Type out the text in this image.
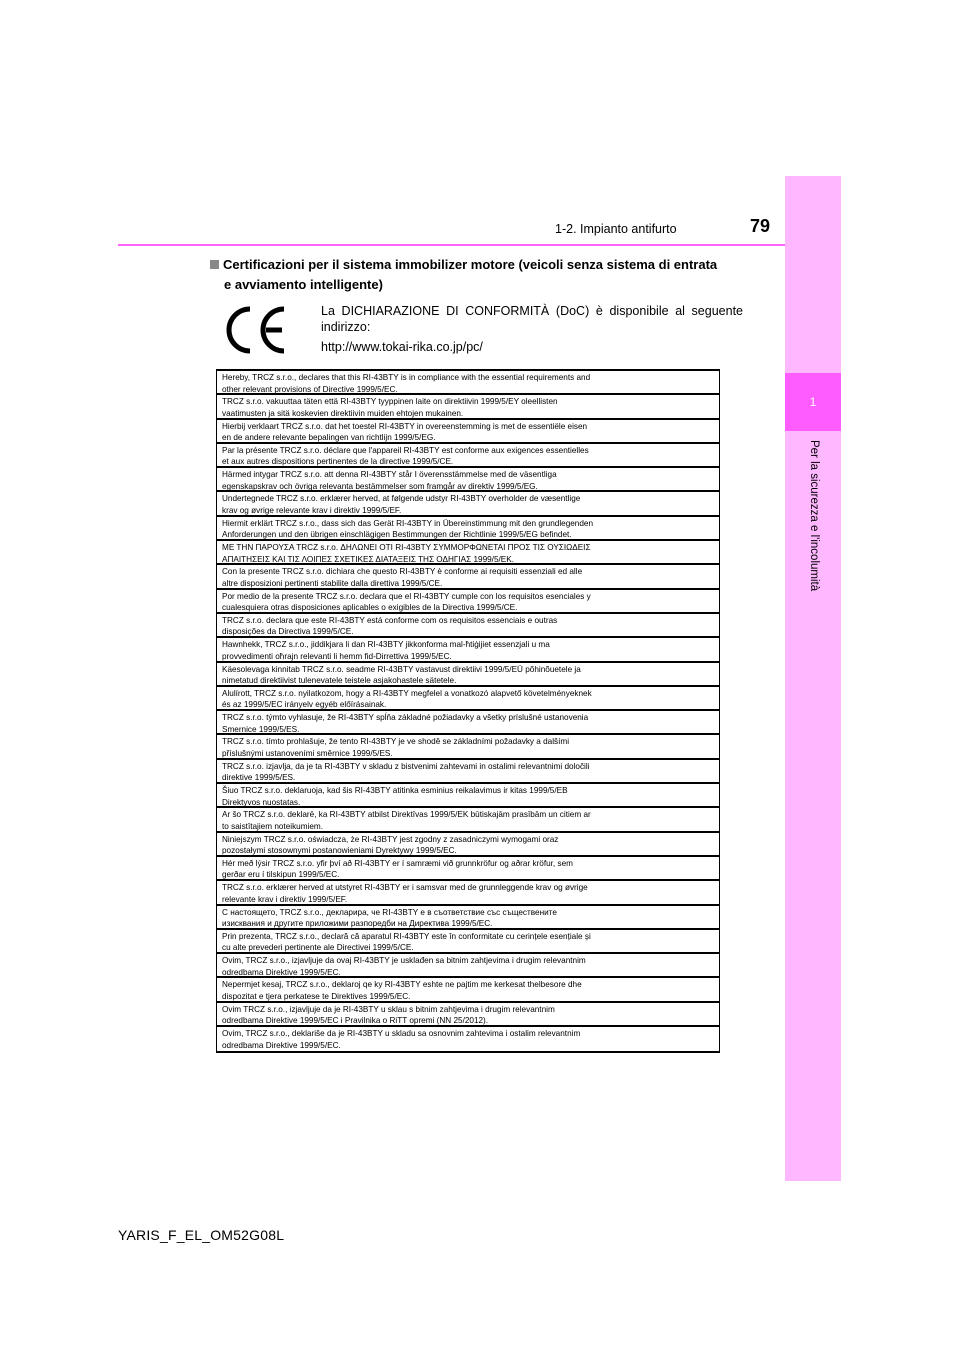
1
Per la sicurezza e l'incolumità
1-2. Impianto antifurto	79
Certificazioni per il sistema immobilizer motore (veicoli senza sistema di entrata
e avviamento intelligente)

La DICHIARAZIONE DI CONFORMITÀ (DoC) è disponibile al seguente indirizzo:

http://www.tokai-rika.co.jp/pc/

Hereby, TRCZ s.r.o., declares that this RI-43BTY is in compliance with the essential requirements and
other relevant provisions of Directive 1999/5/EC.
TRCZ s.r.o. vakuuttaa täten että RI-43BTY tyyppinen laite on direktiivin 1999/5/EY oleellisten
vaatimusten ja sitä koskevien direktiivin muiden ehtojen mukainen.
Hierbij verklaart TRCZ s.r.o. dat het toestel RI-43BTY in overeenstemming is met de essentiële eisen
en de andere relevante bepalingen van richtlijn 1999/5/EG.
Par la présente TRCZ s.r.o. déclare que l'appareil RI-43BTY est conforme aux exigences essentielles
et aux autres dispositions pertinentes de la directive 1999/5/CE.
Härmed intygar TRCZ s.r.o. att denna RI-43BTY står I överensstämmelse med de väsentliga
egenskapskrav och övriga relevanta bestämmelser som framgår av direktiv 1999/5/EG.
Undertegnede TRCZ s.r.o. erklærer herved, at følgende udstyr RI-43BTY overholder de væsentlige
krav og øvrige relevante krav i direktiv 1999/5/EF.
Hiermit erklärt TRCZ s.r.o., dass sich das Gerät RI-43BTY in Übereinstimmung mit den grundlegenden
Anforderungen und den übrigen einschlägigen Bestimmungen der Richtlinie 1999/5/EG befindet.
ΜΕ ΤΗΝ ΠΑΡΟΥΣΑ TRCZ s.r.o. ΔΗΛΩΝΕΙ ΟΤΙ RI-43BTY ΣΥΜΜΟΡΦΩΝΕΤΑΙ ΠΡΟΣ ΤΙΣ ΟΥΣΙΩΔΕΙΣ
ΑΠΑΙΤΗΣΕΙΣ ΚΑΙ ΤΙΣ ΛΟΙΠΕΣ ΣΧΕΤΙΚΕΣ ΔΙΑΤΑΞΕΙΣ ΤΗΣ ΟΔΗΓΙΑΣ 1999/5/ΕΚ.
Con la presente TRCZ s.r.o. dichiara che questo RI-43BTY è conforme ai requisiti essenziali ed alle
altre disposizioni pertinenti stabilite dalla direttiva 1999/5/CE.
Por medio de la presente TRCZ s.r.o. declara que el RI-43BTY cumple con los requisitos esenciales y
cualesquiera otras disposiciones aplicables o exigibles de la Directiva 1999/5/CE.
TRCZ s.r.o. declara que este RI-43BTY está conforme com os requisitos essenciais e outras
disposições da Directiva 1999/5/CE.
Hawnhekk, TRCZ s.r.o., jiddikjara li dan RI-43BTY jikkonforma mal-ħtiġijiet essenzjali u ma
provvedimenti oħrajn relevanti li hemm fid-Dirrettiva 1999/5/EC.
Käesolevaga kinnitab TRCZ s.r.o. seadme RI-43BTY vastavust direktiivi 1999/5/EÜ põhinõuetele ja
nimetatud direktiivist tulenevatele teistele asjakohastele sätetele.
Alulírott, TRCZ s.r.o. nyilatkozom, hogy a RI-43BTY megfelel a vonatkozó alapvető követelményeknek
és az 1999/5/EC irányelv egyéb előírásainak.
TRCZ s.r.o. týmto vyhlasuje, že RI-43BTY spĺňa základné požiadavky a všetky príslušné ustanovenia
Smernice 1999/5/ES.
TRCZ s.r.o. tímto prohlašuje, že tento RI-43BTY je ve shodě se základními požadavky a dalšími
příslušnými ustanoveními směrnice 1999/5/ES.
TRCZ s.r.o. izjavlja, da je ta RI-43BTY v skladu z bistvenimi zahtevami in ostalimi relevantnimi določili
direktive 1999/5/ES.
Šiuo TRCZ s.r.o. deklaruoja, kad šis RI-43BTY atitinka esminius reikalavimus ir kitas 1999/5/EB
Direktyvos nuostatas.
Ar šo TRCZ s.r.o. deklarē, ka RI-43BTY atbilst Direktīvas 1999/5/EK būtiskajām prasībām un citiem ar
to saistītajiem noteikumiem.
Niniejszym TRCZ s.r.o. oświadcza, że RI-43BTY jest zgodny z zasadniczymi wymogami oraz
pozostałymi stosownymi postanowieniami Dyrektywy 1999/5/EC.
Hér með lýsir TRCZ s.r.o. yfir því að RI-43BTY er í samræmi við grunnkröfur og aðrar kröfur, sem
gerðar eru í tilskipun 1999/5/EC.
TRCZ s.r.o. erklærer herved at utstyret RI-43BTY er i samsvar med de grunnleggende krav og øvrige
relevante krav i direktiv 1999/5/EF.
С настоящето, TRCZ s.r.o., декларира, че RI-43BTY е в съответствие със съществените
изисквания и другите приложими разпоредби на Директива 1999/5/ЕС.
Prin prezenta, TRCZ s.r.o., declară că aparatul RI-43BTY este în conformitate cu cerințele esențiale și
cu alte prevederi pertinente ale Directivei 1999/5/CE.
Ovim, TRCZ s.r.o., izjavljuje da ovaj RI-43BTY je usklađen sa bitnim zahtjevima i drugim relevantnim
odredbama Direktive 1999/5/EC.
Nepermjet kesaj, TRCZ s.r.o., deklaroj qe ky RI-43BTY eshte ne pajtim me kerkesat thelbesore dhe
dispozitat e tjera perkatese te Direktives 1999/5/EC.
Ovim TRCZ s.r.o., izjavljuje da je RI-43BTY u sklau s bitnim zahtjevima i drugim relevantnim
odredbama Direktive 1999/5/EC i Pravilnika o RiTT opremi (NN 25/2012).
Ovim, TRCZ s.r.o., deklariše da je RI-43BTY u skladu sa osnovnim zahtevima i ostalim relevantnim
odredbama Direktive 1999/5/EC.
YARIS_F_EL_OM52G08L
